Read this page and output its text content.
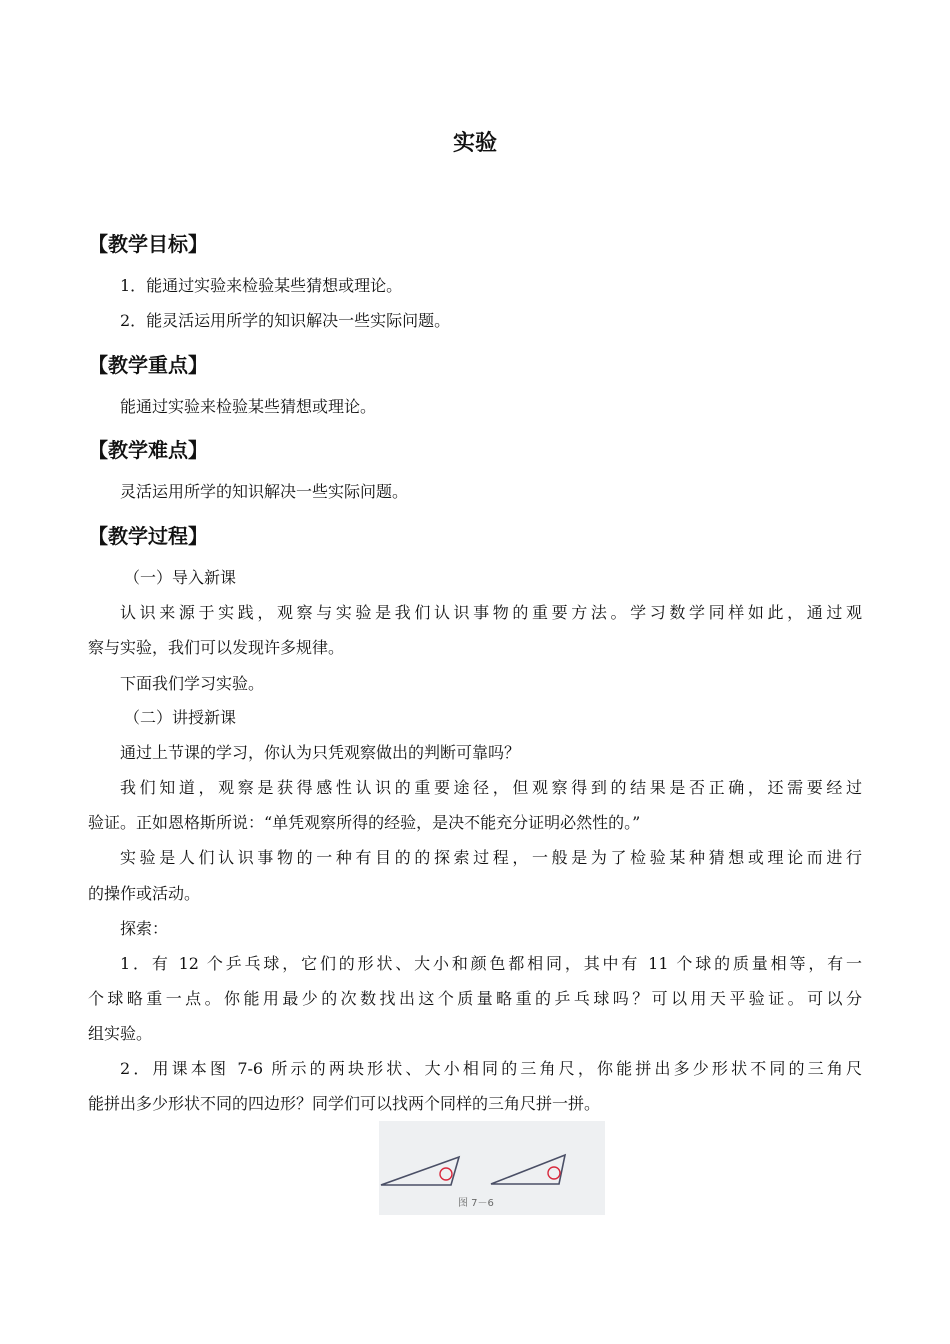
实验
【教学目标】
1．能通过实验来检验某些猜想或理论。
2．能灵活运用所学的知识解决一些实际问题。
【教学重点】
能通过实验来检验某些猜想或理论。
【教学难点】
灵活运用所学的知识解决一些实际问题。
【教学过程】
（一）导入新课
认识来源于实践，观察与实验是我们认识事物的重要方法。学习数学同样如此，通过观
察与实验，我们可以发现许多规律。
下面我们学习实验。
（二）讲授新课
通过上节课的学习，你认为只凭观察做出的判断可靠吗？
我们知道，观察是获得感性认识的重要途径，但观察得到的结果是否正确，还需要经过
验证。正如恩格斯所说：“单凭观察所得的经验，是决不能充分证明必然性的。”
实验是人们认识事物的一种有目的的探索过程，一般是为了检验某种猜想或理论而进行
的操作或活动。
探索：
1．有 12 个乒乓球，它们的形状、大小和颜色都相同，其中有 11 个球的质量相等，有一
个球略重一点。你能用最少的次数找出这个质量略重的乒乓球吗？可以用天平验证。可以分
组实验。
2．用课本图 7-6 所示的两块形状、大小相同的三角尺，你能拼出多少形状不同的三角尺
能拼出多少形状不同的四边形？同学们可以找两个同样的三角尺拼一拼。
图 7－6
